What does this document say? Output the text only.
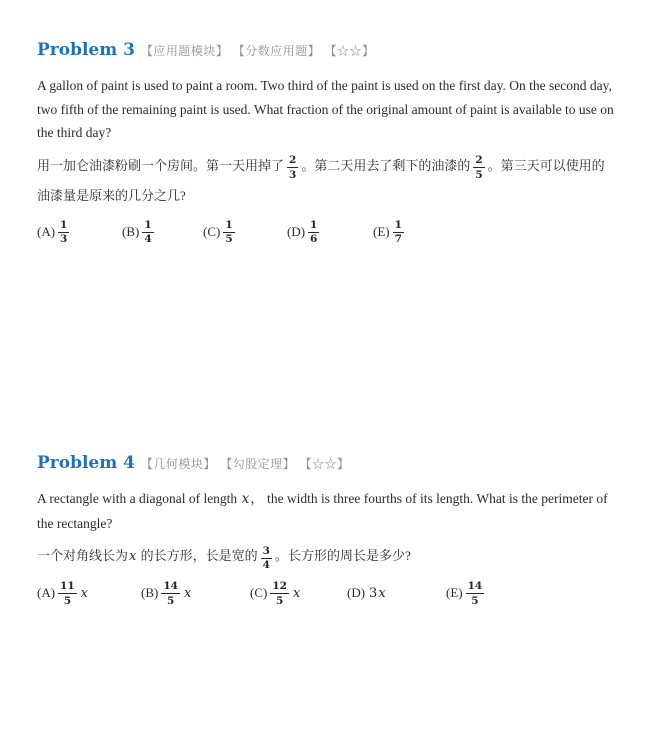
Problem 3 【应用题模块】 【分数应用题】 【☆☆】

A gallon of paint is used to paint a room. Two third of the paint is used on the first day. On the second day, two fifth of the remaining paint is used. What fraction of the original amount of paint is available to use on the third day?

用一加仑油漆粉刷一个房间。第一天用掉了 $\frac{2}{3}$ 。第二天用去了剩下的油漆的 $\frac{2}{5}$ 。第三天可以使用的油漆量是原来的几分之几?

$(A) \frac{1}{3}$	$(B) \frac{1}{4}$	$(C) \frac{1}{5}$	$(D) \frac{1}{6}$	$(E) \frac{1}{7}$
Problem 4 【几何模块】 【勾股定理】 【☆☆】

A rectangle with a diagonal of length x， the width is three fourths of its length. What is the perimeter of the rectangle?

一个对角线长为x 的长方形，长是宽的 $\frac{3}{4}$ 。长方形的周长是多少?

$(A) \frac{11}{5}$ x	$(B) \frac{14}{5}$ x	$(C) \frac{12}{5}$ x	(D) 3 x	$(E) \frac{14}{5}$
